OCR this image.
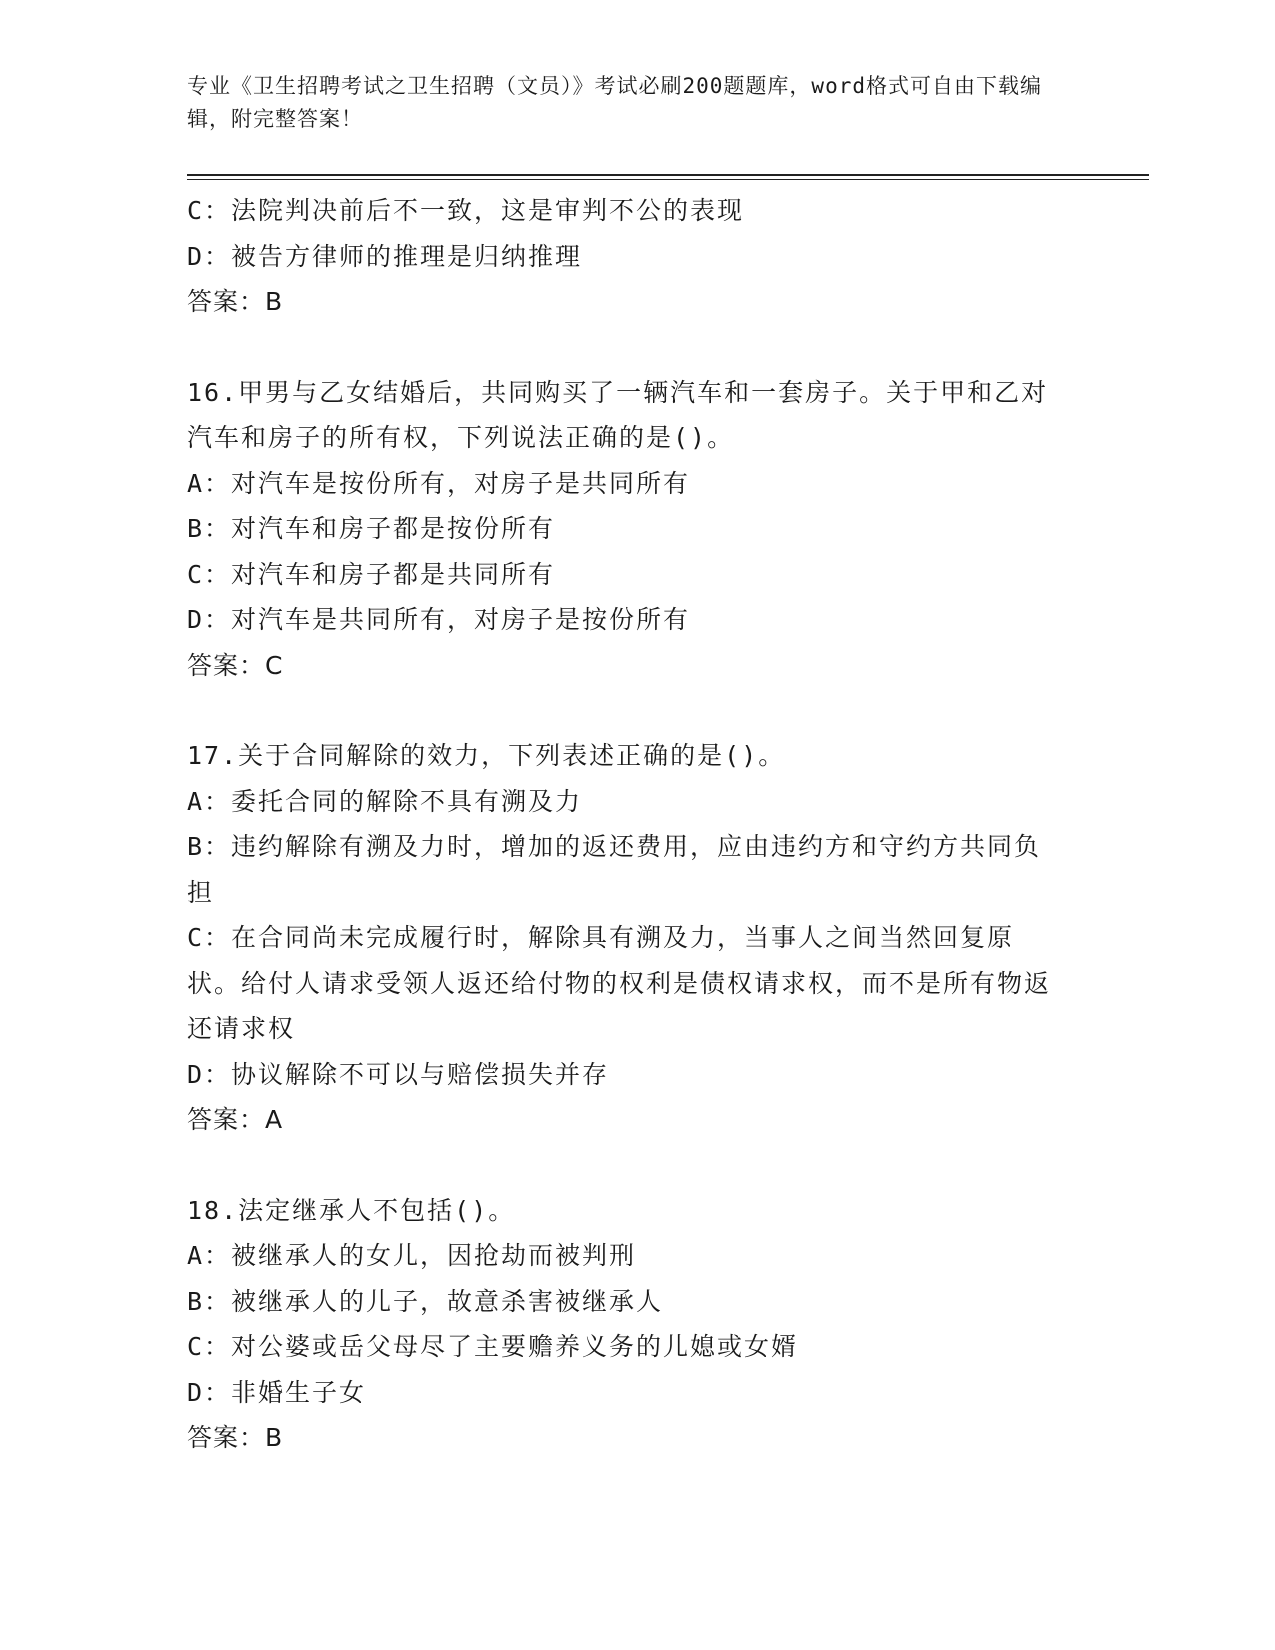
专业《卫生招聘考试之卫生招聘（文员）》考试必刷200题题库，word格式可自由下载编辑，附完整答案！
C：法院判决前后不一致，这是审判不公的表现
D：被告方律师的推理是归纳推理
答案：B
16.甲男与乙女结婚后，共同购买了一辆汽车和一套房子。关于甲和乙对汽车和房子的所有权，下列说法正确的是()。
A：对汽车是按份所有，对房子是共同所有
B：对汽车和房子都是按份所有
C：对汽车和房子都是共同所有
D：对汽车是共同所有，对房子是按份所有
答案：C
17.关于合同解除的效力，下列表述正确的是()。
A：委托合同的解除不具有溯及力
B：违约解除有溯及力时，增加的返还费用，应由违约方和守约方共同负担
C：在合同尚未完成履行时，解除具有溯及力，当事人之间当然回复原状。给付人请求受领人返还给付物的权利是债权请求权，而不是所有物返还请求权
D：协议解除不可以与赔偿损失并存
答案：A
18.法定继承人不包括()。
A：被继承人的女儿，因抢劫而被判刑
B：被继承人的儿子，故意杀害被继承人
C：对公婆或岳父母尽了主要赡养义务的儿媳或女婿
D：非婚生子女
答案：B
